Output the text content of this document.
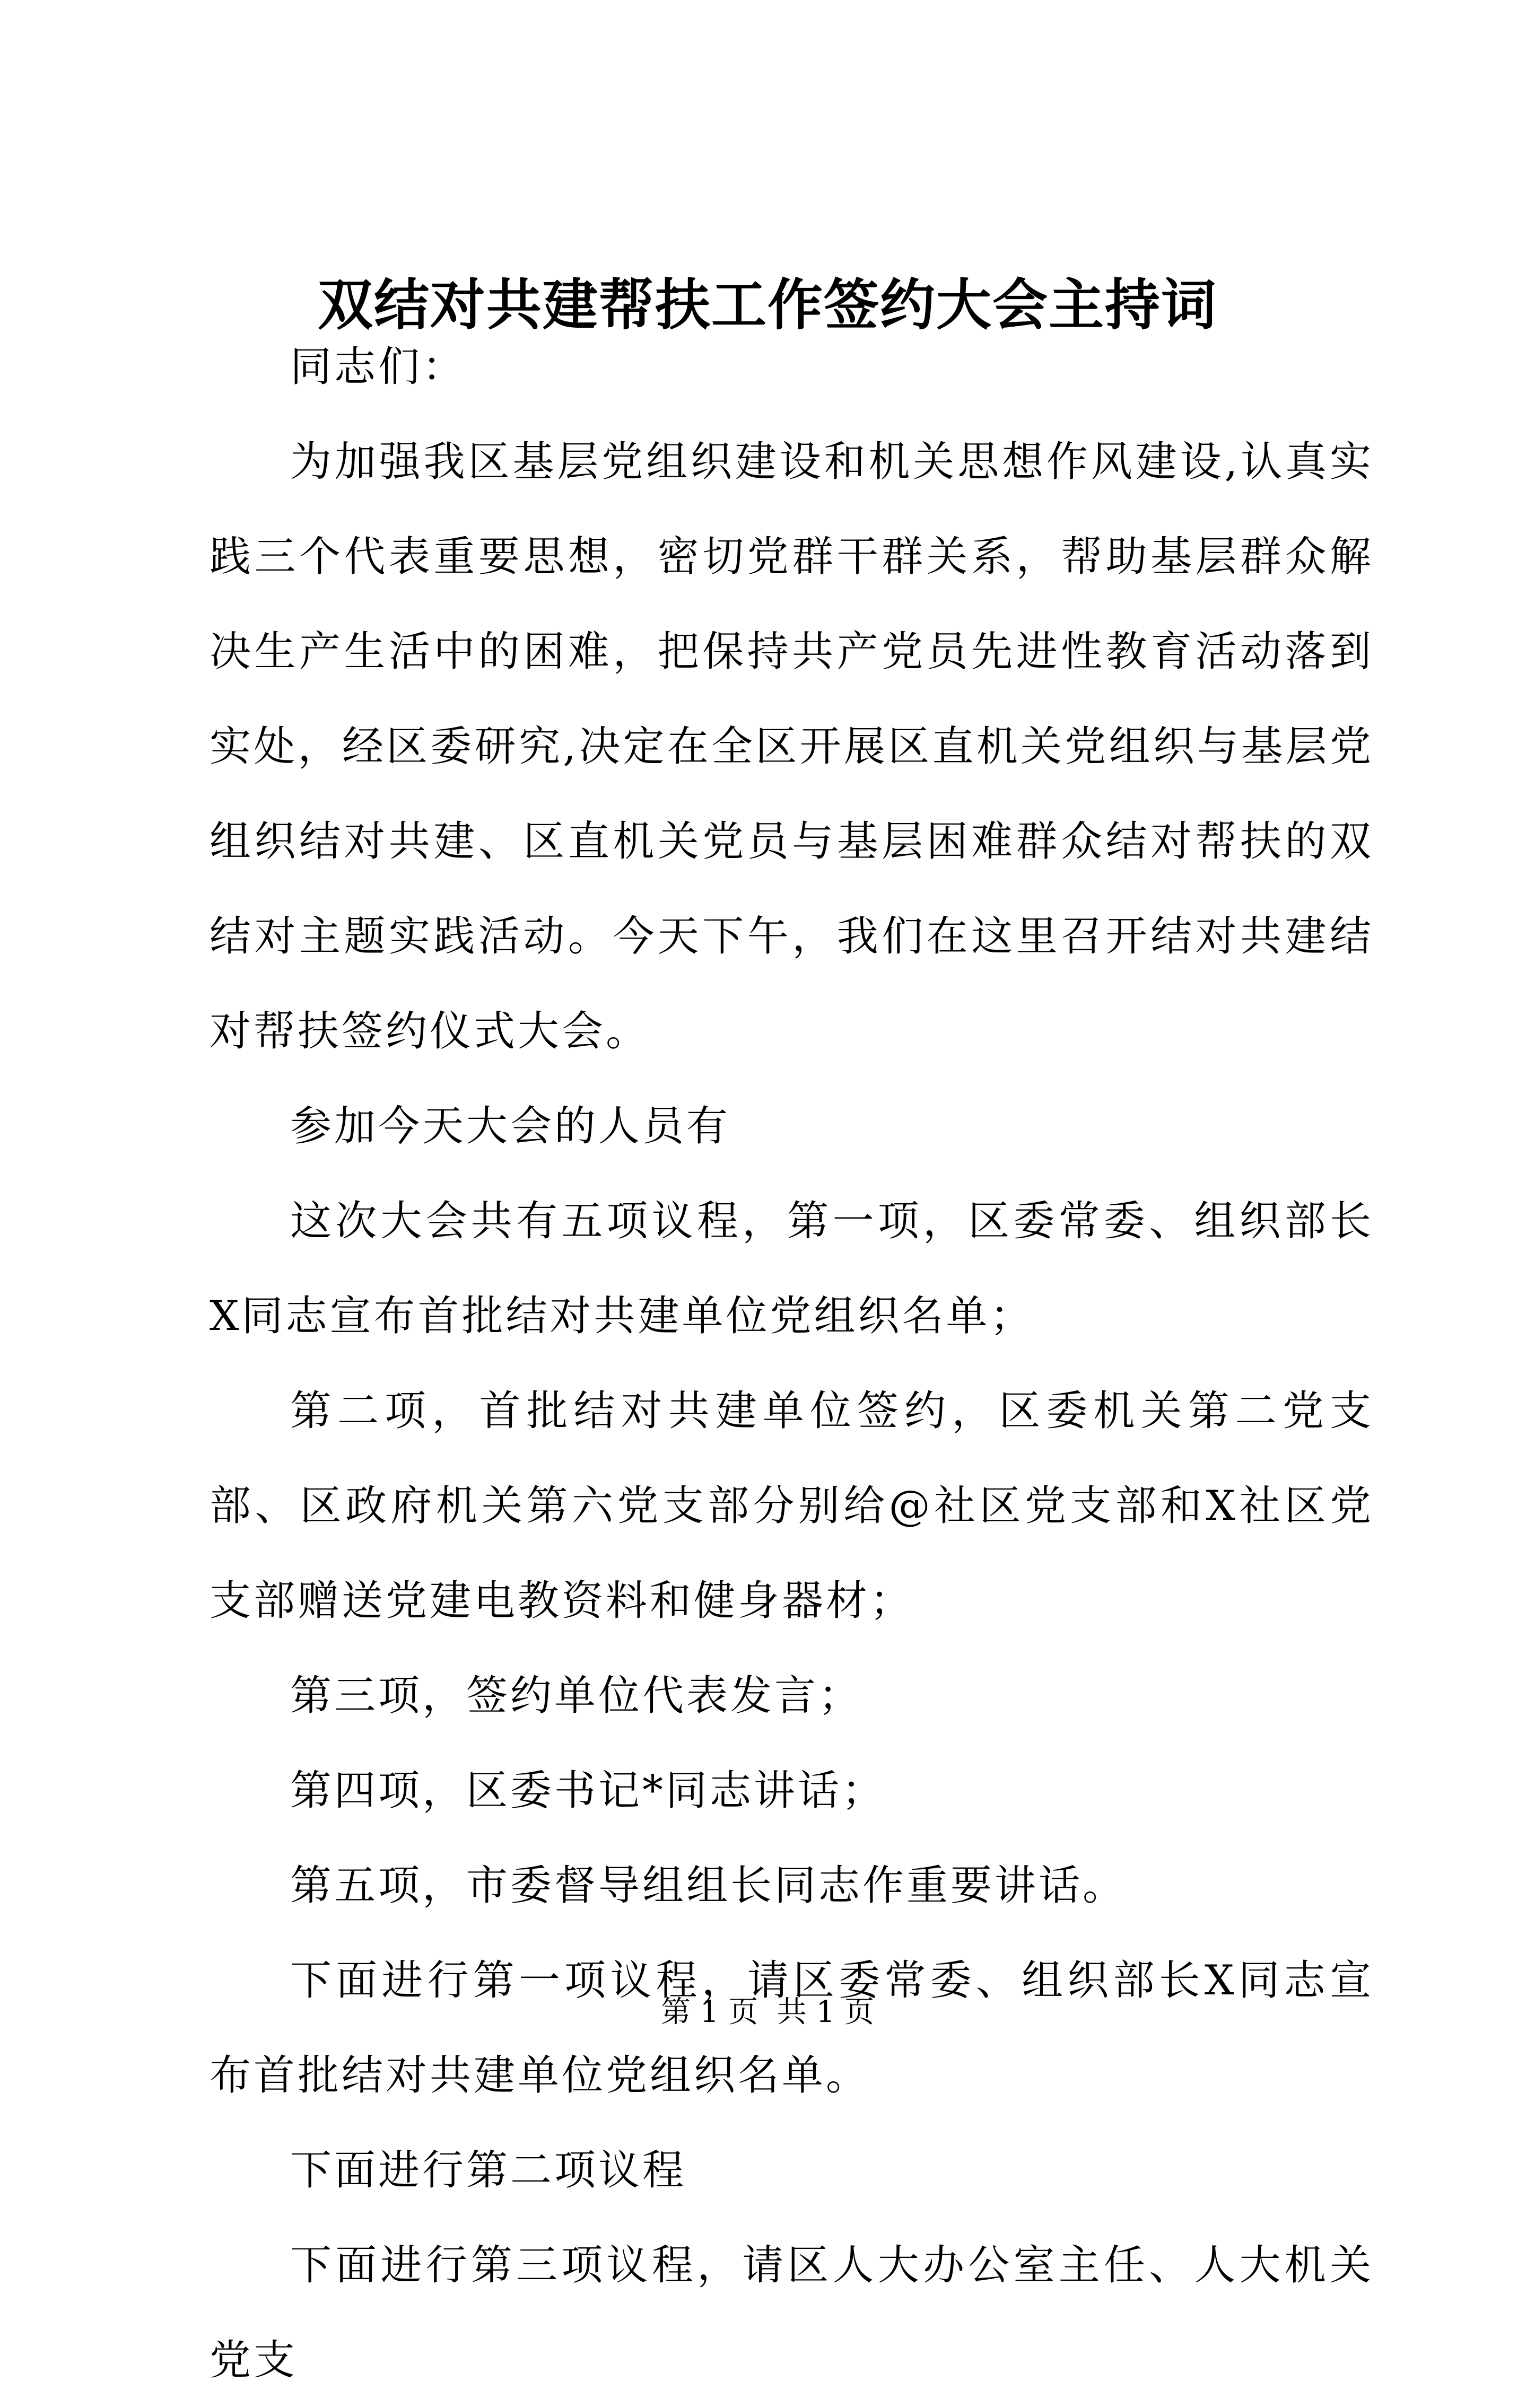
双结对共建帮扶工作签约大会主持词

同志们：

为加强我区基层党组织建设和机关思想作风建设,认真实践三个代表重要思想，密切党群干群关系，帮助基层群众解决生产生活中的困难，把保持共产党员先进性教育活动落到实处，经区委研究,决定在全区开展区直机关党组织与基层党组织结对共建、区直机关党员与基层困难群众结对帮扶的双结对主题实践活动。今天下午，我们在这里召开结对共建结对帮扶签约仪式大会。

参加今天大会的人员有

这次大会共有五项议程，第一项，区委常委、组织部长X同志宣布首批结对共建单位党组织名单；

第二项，首批结对共建单位签约，区委机关第二党支部、区政府机关第六党支部分别给@社区党支部和X社区党支部赠送党建电教资料和健身器材；

第三项，签约单位代表发言；

第四项，区委书记*同志讲话；

第五项，市委督导组组长同志作重要讲话。

下面进行第一项议程，请区委常委、组织部长X同志宣布首批结对共建单位党组织名单。

下面进行第二项议程

下面进行第三项议程，请区人大办公室主任、人大机关党支

第 1 页  共 1 页
